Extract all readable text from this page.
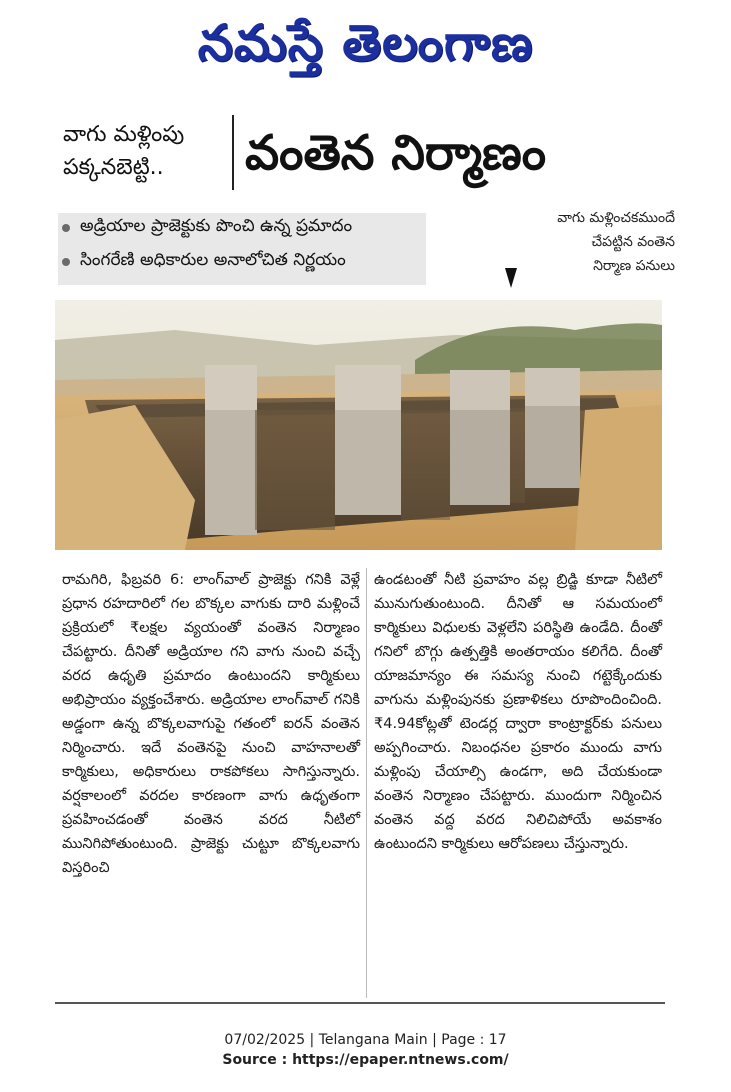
నమస్తే తెలంగాణ
వాగు మళ్లింపు
పక్కనబెట్టి..	వంతెన నిర్మాణం
అడ్రియాల ప్రాజెక్టుకు పొంచి ఉన్న ప్రమాదం
సింగరేణి అధికారుల అనాలోచిత నిర్ణయం
వాగు మళ్లించకముందే
చేపట్టిన వంతెన
నిర్మాణ పనులు
రామగిరి, ఫిబ్రవరి 6: లాంగ్‌వాల్ ప్రాజెక్టు గనికి వెళ్లే ప్రధాన రహదారిలో గల బొక్కల వాగుకు దారి మళ్లించే ప్రక్రియలో ₹లక్షల వ్యయంతో వంతెన నిర్మాణం చేపట్టారు. దీనితో అడ్రియాల గని వాగు నుంచి వచ్చే వరద ఉధృతి ప్రమాదం ఉంటుందని కార్మికులు అభిప్రాయం వ్యక్తంచేశారు. అడ్రియాల లాంగ్‌వాల్ గనికి అడ్డంగా ఉన్న బొక్కలవాగుపై గతంలో ఐరన్ వంతెన నిర్మించారు. ఇదే వంతెనపై నుంచి వాహనాలతో కార్మికులు, అధికారులు రాకపోకలు సాగిస్తున్నారు. వర్షకాలంలో వరదల కారణంగా వాగు ఉధృతంగా ప్రవహించడంతో వంతెన వరద నీటిలో మునిగిపోతుంటుంది. ప్రాజెక్టు చుట్టూ బొక్కలవాగు విస్తరించి
ఉండటంతో నీటి ప్రవాహం వల్ల బ్రిడ్జి కూడా నీటిలో మునుగుతుంటుంది. దీనితో ఆ సమయంలో కార్మికులు విధులకు వెళ్లలేని పరిస్థితి ఉండేది. దీంతో గనిలో బొగ్గు ఉత్పత్తికి అంతరాయం కలిగేది. దీంతో యాజమాన్యం ఈ సమస్య నుంచి గట్టెక్కేందుకు వాగును మళ్లింపునకు ప్రణాళికలు రూపొందించింది. ₹4.94కోట్లతో టెండర్ల ద్వారా కాంట్రాక్టర్‌కు పనులు అప్పగించారు. నిబంధనల ప్రకారం ముందు వాగు మళ్లింపు చేయాల్సి ఉండగా, అది చేయకుండా వంతెన నిర్మాణం చేపట్టారు. ముందుగా నిర్మించిన వంతెన వద్ద వరద నిలిచిపోయే అవకాశం ఉంటుందని కార్మికులు ఆరోపణలు చేస్తున్నారు.
07/02/2025 | Telangana Main | Page : 17
Source : https://epaper.ntnews.com/
